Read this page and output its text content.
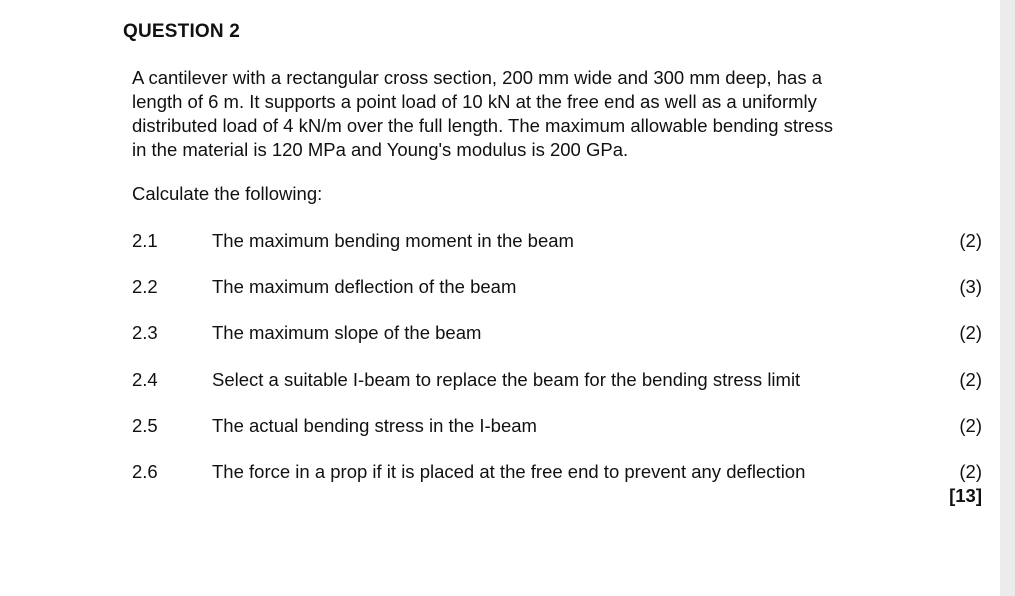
QUESTION 2
A cantilever with a rectangular cross section, 200 mm wide and 300 mm deep, has a
length of 6 m. It supports a point load of 10 kN at the free end as well as a uniformly
distributed load of 4 kN/m over the full length. The maximum allowable bending stress
in the material is 120 MPa and Young's modulus is 200 GPa.
Calculate the following:
2.1	The maximum bending moment in the beam	(2)
2.2	The maximum deflection of the beam	(3)
2.3	The maximum slope of the beam	(2)
2.4	Select a suitable I-beam to replace the beam for the bending stress limit	(2)
2.5	The actual bending stress in the I-beam	(2)
2.6	The force in a prop if it is placed at the free end to prevent any deflection	(2)
[13]
